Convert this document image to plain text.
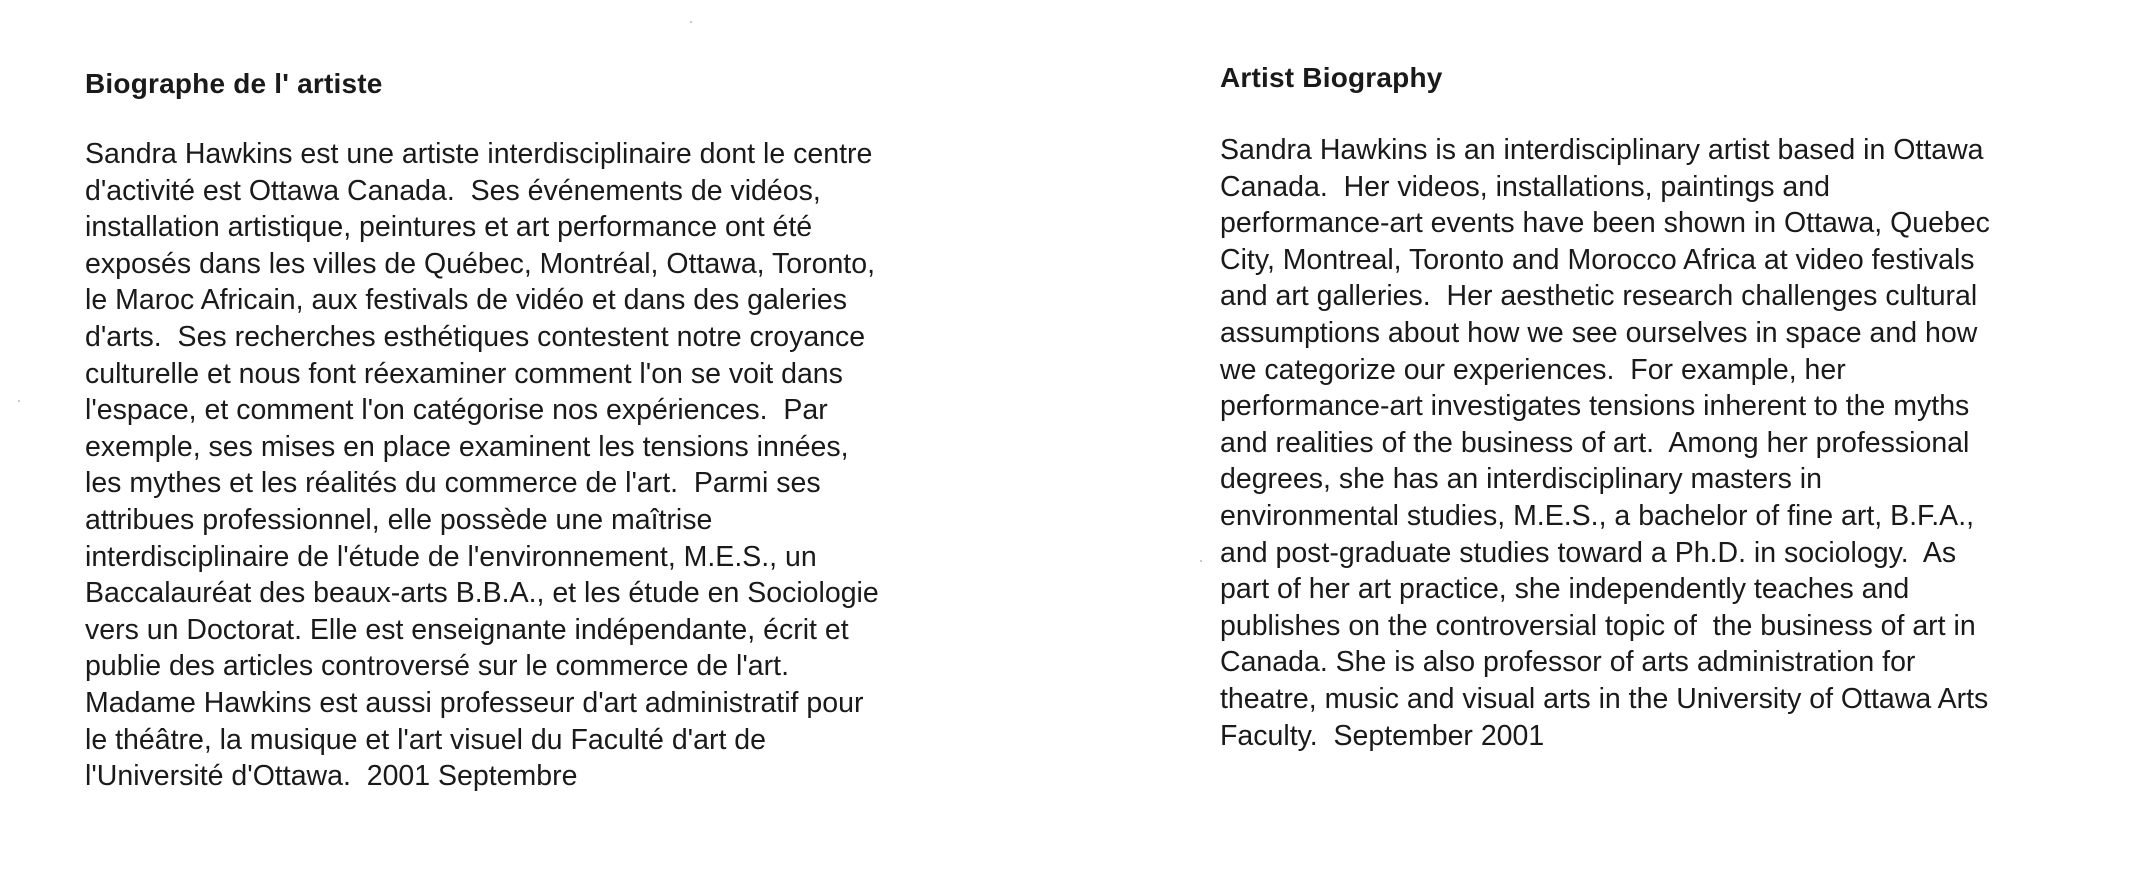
Biographe de l' artiste

Sandra Hawkins est une artiste interdisciplinaire dont le centre
d'activité est Ottawa Canada.  Ses événements de vidéos,
installation artistique, peintures et art performance ont été
exposés dans les villes de Québec, Montréal, Ottawa, Toronto,
le Maroc Africain, aux festivals de vidéo et dans des galeries
d'arts.  Ses recherches esthétiques contestent notre croyance
culturelle et nous font réexaminer comment l'on se voit dans
l'espace, et comment l'on catégorise nos expériences.  Par
exemple, ses mises en place examinent les tensions innées,
les mythes et les réalités du commerce de l'art.  Parmi ses
attribues professionnel, elle possède une maîtrise
interdisciplinaire de l'étude de l'environnement, M.E.S., un
Baccalauréat des beaux-arts B.B.A., et les étude en Sociologie
vers un Doctorat. Elle est enseignante indépendante, écrit et
publie des articles controversé sur le commerce de l'art.
Madame Hawkins est aussi professeur d'art administratif pour
le théâtre, la musique et l'art visuel du Faculté d'art de
l'Université d'Ottawa.  2001 Septembre

Artist Biography

Sandra Hawkins is an interdisciplinary artist based in Ottawa
Canada.  Her videos, installations, paintings and
performance-art events have been shown in Ottawa, Quebec
City, Montreal, Toronto and Morocco Africa at video festivals
and art galleries.  Her aesthetic research challenges cultural
assumptions about how we see ourselves in space and how
we categorize our experiences.  For example, her
performance-art investigates tensions inherent to the myths
and realities of the business of art.  Among her professional
degrees, she has an interdisciplinary masters in
environmental studies, M.E.S., a bachelor of fine art, B.F.A.,
and post-graduate studies toward a Ph.D. in sociology.  As
part of her art practice, she independently teaches and
publishes on the controversial topic of  the business of art in
Canada. She is also professor of arts administration for
theatre, music and visual arts in the University of Ottawa Arts
Faculty.  September 2001
